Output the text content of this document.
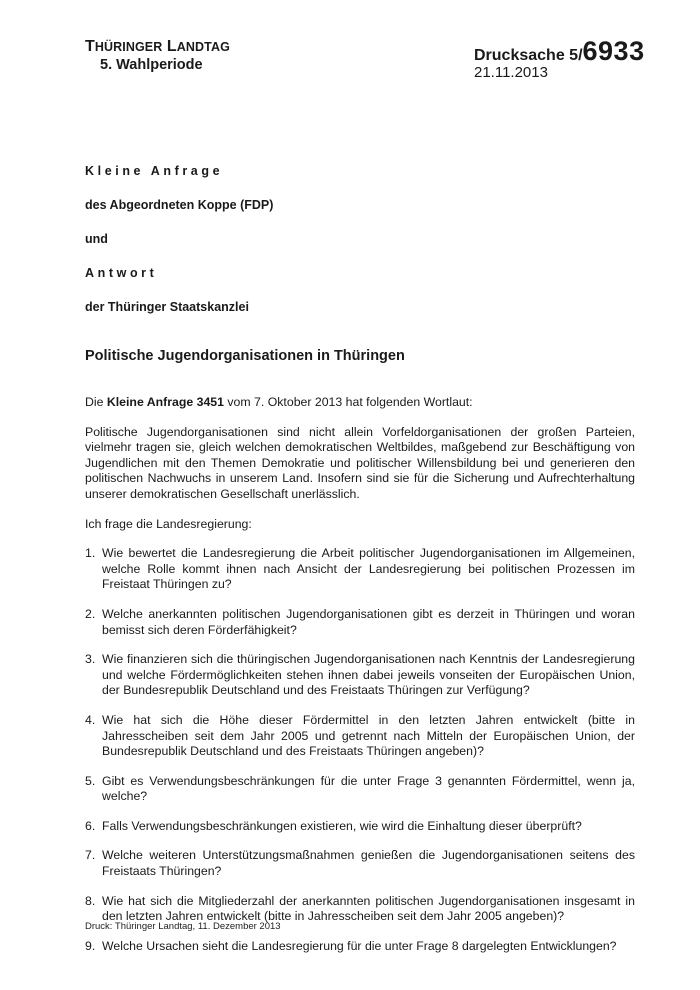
THÜRINGER LANDTAG
5. Wahlperiode
Drucksache 5/6933
21.11.2013
Kleine Anfrage
des Abgeordneten Koppe (FDP)
und
Antwort
der Thüringer Staatskanzlei
Politische Jugendorganisationen in Thüringen

Die Kleine Anfrage 3451 vom 7. Oktober 2013 hat folgenden Wortlaut:

Politische Jugendorganisationen sind nicht allein Vorfeldorganisationen der großen Parteien, vielmehr tragen sie, gleich welchen demokratischen Weltbildes, maßgebend zur Beschäftigung von Jugendlichen mit den Themen Demokratie und politischer Willensbildung bei und generieren den politischen Nachwuchs in unserem Land. Insofern sind sie für die Sicherung und Aufrechterhaltung unserer demokratischen Gesellschaft unerlässlich.

Ich frage die Landesregierung:

1. Wie bewertet die Landesregierung die Arbeit politischer Jugendorganisationen im Allgemeinen, welche Rolle kommt ihnen nach Ansicht der Landesregierung bei politischen Prozessen im Freistaat Thüringen zu?
2. Welche anerkannten politischen Jugendorganisationen gibt es derzeit in Thüringen und woran bemisst sich deren Förderfähigkeit?
3. Wie finanzieren sich die thüringischen Jugendorganisationen nach Kenntnis der Landesregierung und welche Fördermöglichkeiten stehen ihnen dabei jeweils vonseiten der Europäischen Union, der Bundesrepublik Deutschland und des Freistaats Thüringen zur Verfügung?
4. Wie hat sich die Höhe dieser Fördermittel in den letzten Jahren entwickelt (bitte in Jahresscheiben seit dem Jahr 2005 und getrennt nach Mitteln der Europäischen Union, der Bundesrepublik Deutschland und des Freistaats Thüringen angeben)?
5. Gibt es Verwendungsbeschränkungen für die unter Frage 3 genannten Fördermittel, wenn ja, welche?
6. Falls Verwendungsbeschränkungen existieren, wie wird die Einhaltung dieser überprüft?
7. Welche weiteren Unterstützungsmaßnahmen genießen die Jugendorganisationen seitens des Freistaats Thüringen?
8. Wie hat sich die Mitgliederzahl der anerkannten politischen Jugendorganisationen insgesamt in den letzten Jahren entwickelt (bitte in Jahresscheiben seit dem Jahr 2005 angeben)?
9. Welche Ursachen sieht die Landesregierung für die unter Frage 8 dargelegten Entwicklungen?
Druck: Thüringer Landtag, 11. Dezember 2013
